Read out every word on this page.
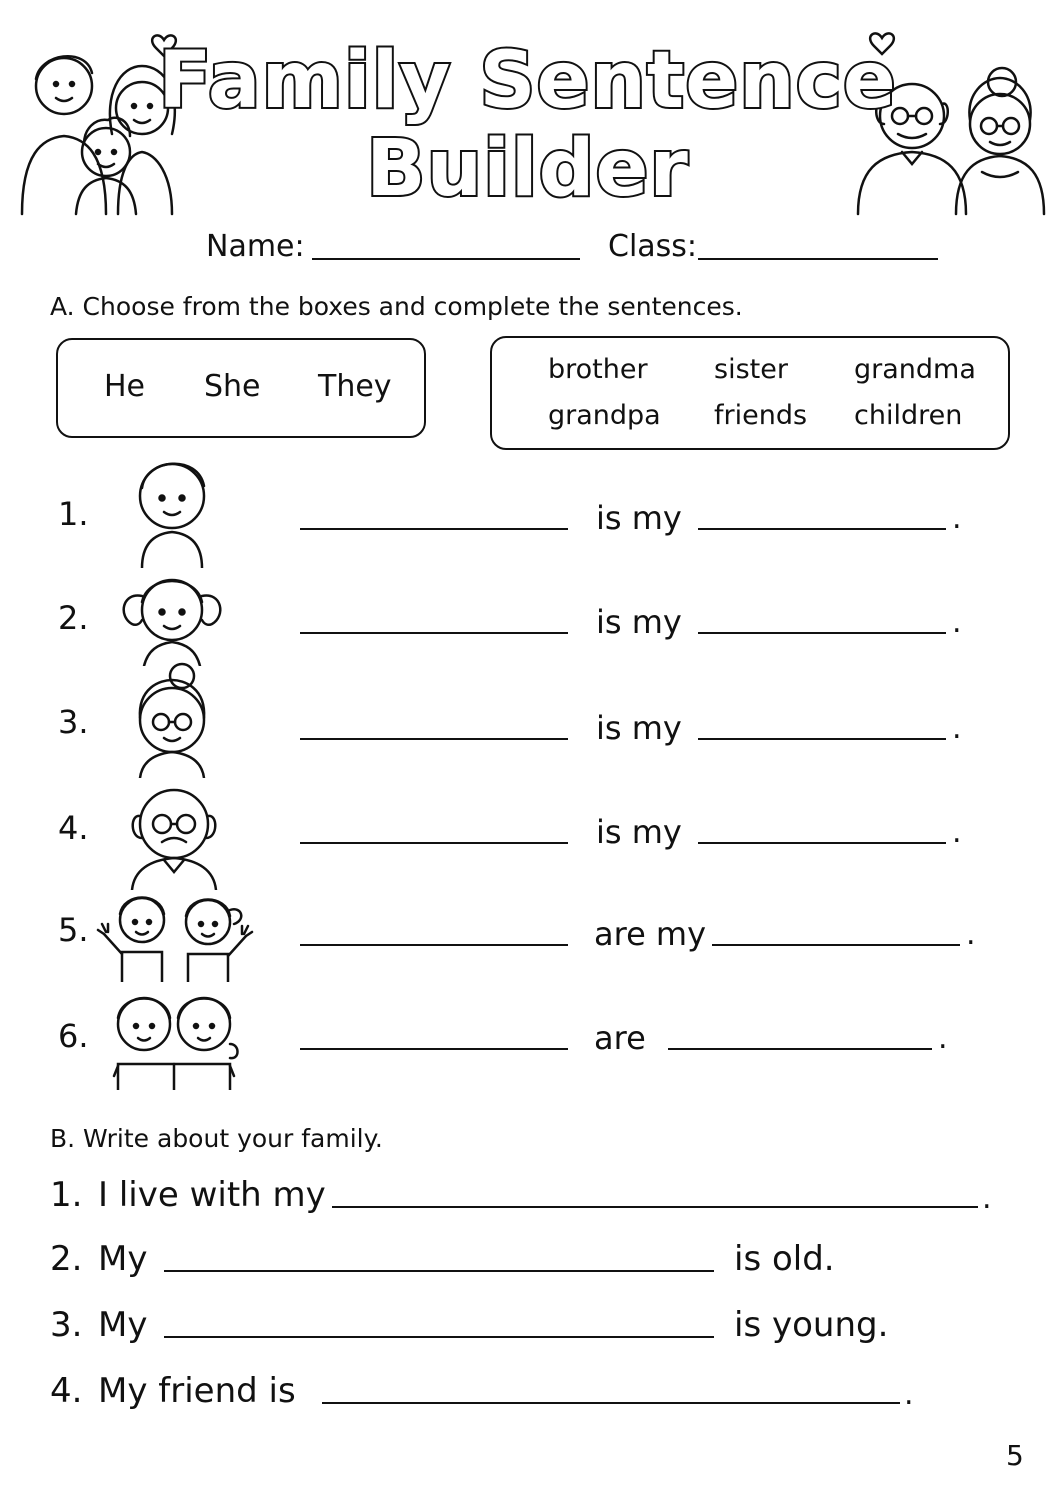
Family Sentence
Builder
Name:	Class:
A. Choose from the boxes and complete the sentences.
He She They	brother sister grandma
grandpa friends children
1.	is my	.
2.	is my	.
3.	is my	.
4.	is my	.
5.	are my	.
6.	are	.
B. Write about your family.
1. I live with my	.
2. My	is old.
3. My	is young.
4. My friend is	.
5
